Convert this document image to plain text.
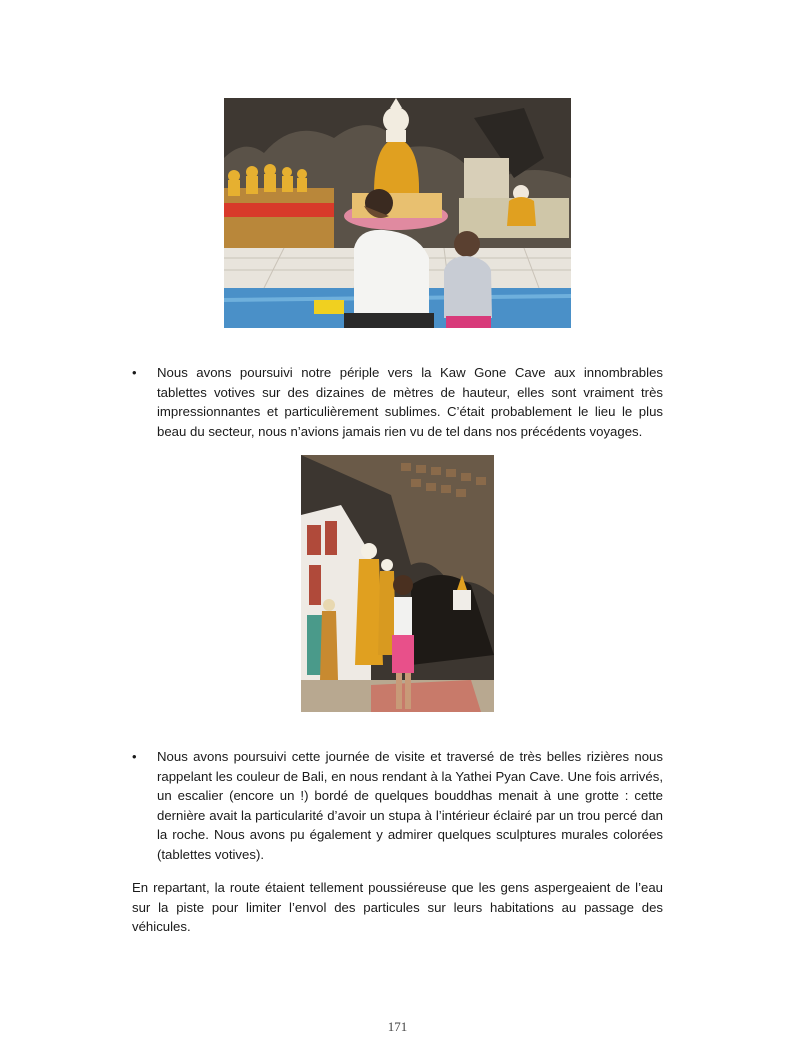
• Nous avons poursuivi notre périple vers la Kaw Gone Cave aux innombrables tablettes votives sur des dizaines de mètres de hauteur, elles sont vraiment très impressionnantes et particulièrement sublimes. C’était probablement le lieu le plus beau du secteur, nous n’avions jamais rien vu de tel dans nos précédents voyages.
• Nous avons poursuivi cette journée de visite et traversé de très belles rizières nous rappelant les couleur de Bali, en nous rendant à la Yathei Pyan Cave. Une fois arrivés, un escalier (encore un !) bordé de quelques bouddhas menait à une grotte : cette dernière avait la particularité d’avoir un stupa à l’intérieur éclairé par un trou percé dan la roche. Nous avons pu également y admirer quelques sculptures murales colorées (tablettes votives).
En repartant, la route étaient tellement poussiéreuse que les gens aspergeaient de l’eau sur la piste pour limiter l’envol des particules sur leurs habitations au passage des véhicules.
171
